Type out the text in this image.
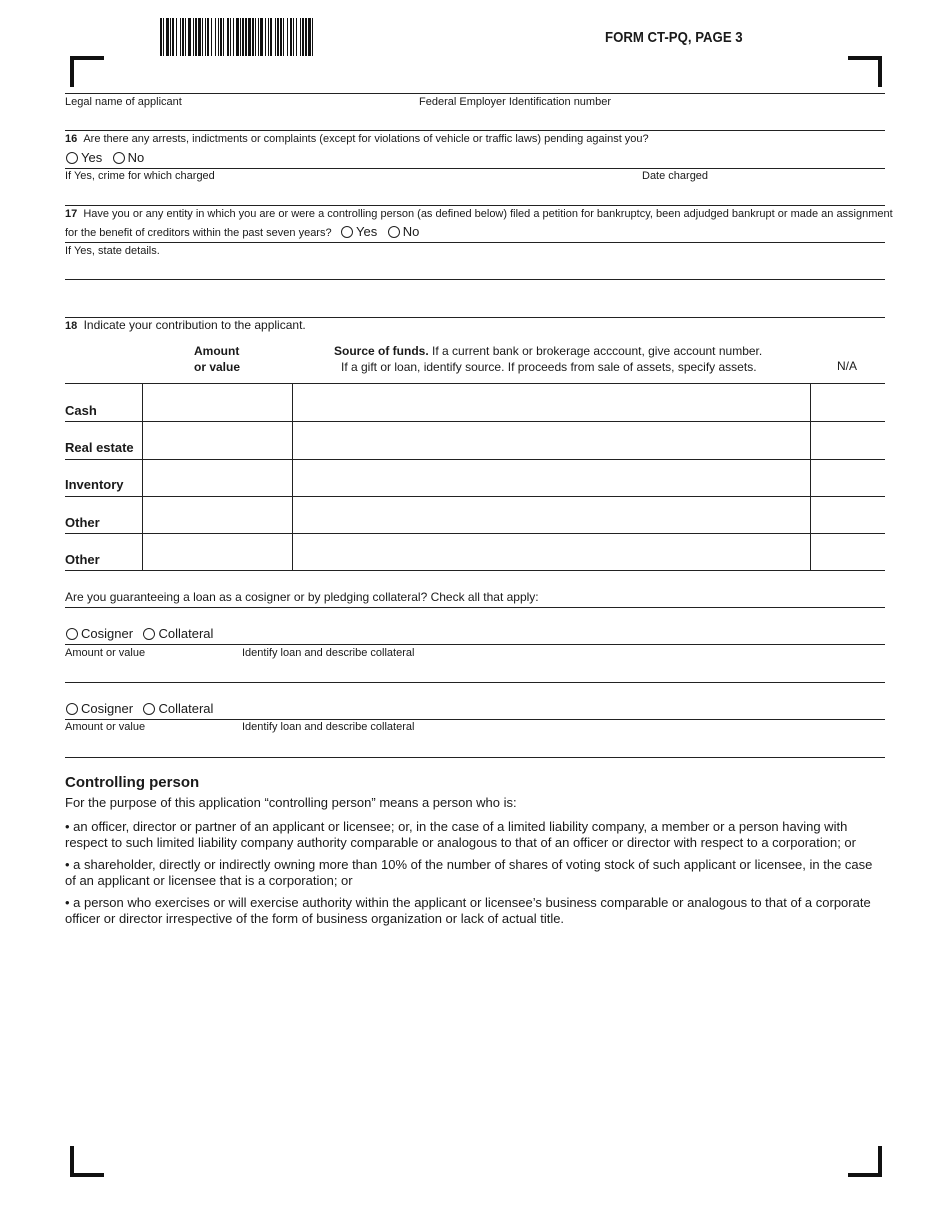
FORM CT-PQ, PAGE 3
Legal name of applicant	Federal Employer Identification number
16 Are there any arrests, indictments or complaints (except for violations of vehicle or traffic laws) pending against you?
Yes No
If Yes, crime for which charged	Date charged
17 Have you or any entity in which you are or were a controlling person (as defined below) filed a petition for bankruptcy, been adjudged bankrupt or made an assignment
for the benefit of creditors within the past seven years? Yes No
If Yes, state details.
18 Indicate your contribution to the applicant.
Amount
or value
Source of funds. If a current bank or brokerage acccount, give account number.
If a gift or loan, identify source. If proceeds from sale of assets, specify assets.	N/A
Cash
Real estate
Inventory
Other
Other
Are you guaranteeing a loan as a cosigner or by pledging collateral? Check all that apply:
Cosigner Collateral
Amount or value	Identify loan and describe collateral
Cosigner Collateral
Amount or value	Identify loan and describe collateral
Controlling person
For the purpose of this application “controlling person” means a person who is:
• an officer, director or partner of an applicant or licensee; or, in the case of a limited liability company, a member or a person having with respect to such limited liability company authority comparable or analogous to that of an officer or director with respect to a corporation; or
• a shareholder, directly or indirectly owning more than 10% of the number of shares of voting stock of such applicant or licensee, in the case of an applicant or licensee that is a corporation; or
• a person who exercises or will exercise authority within the applicant or licensee’s business comparable or analogous to that of a corporate officer or director irrespective of the form of business organization or lack of actual title.
